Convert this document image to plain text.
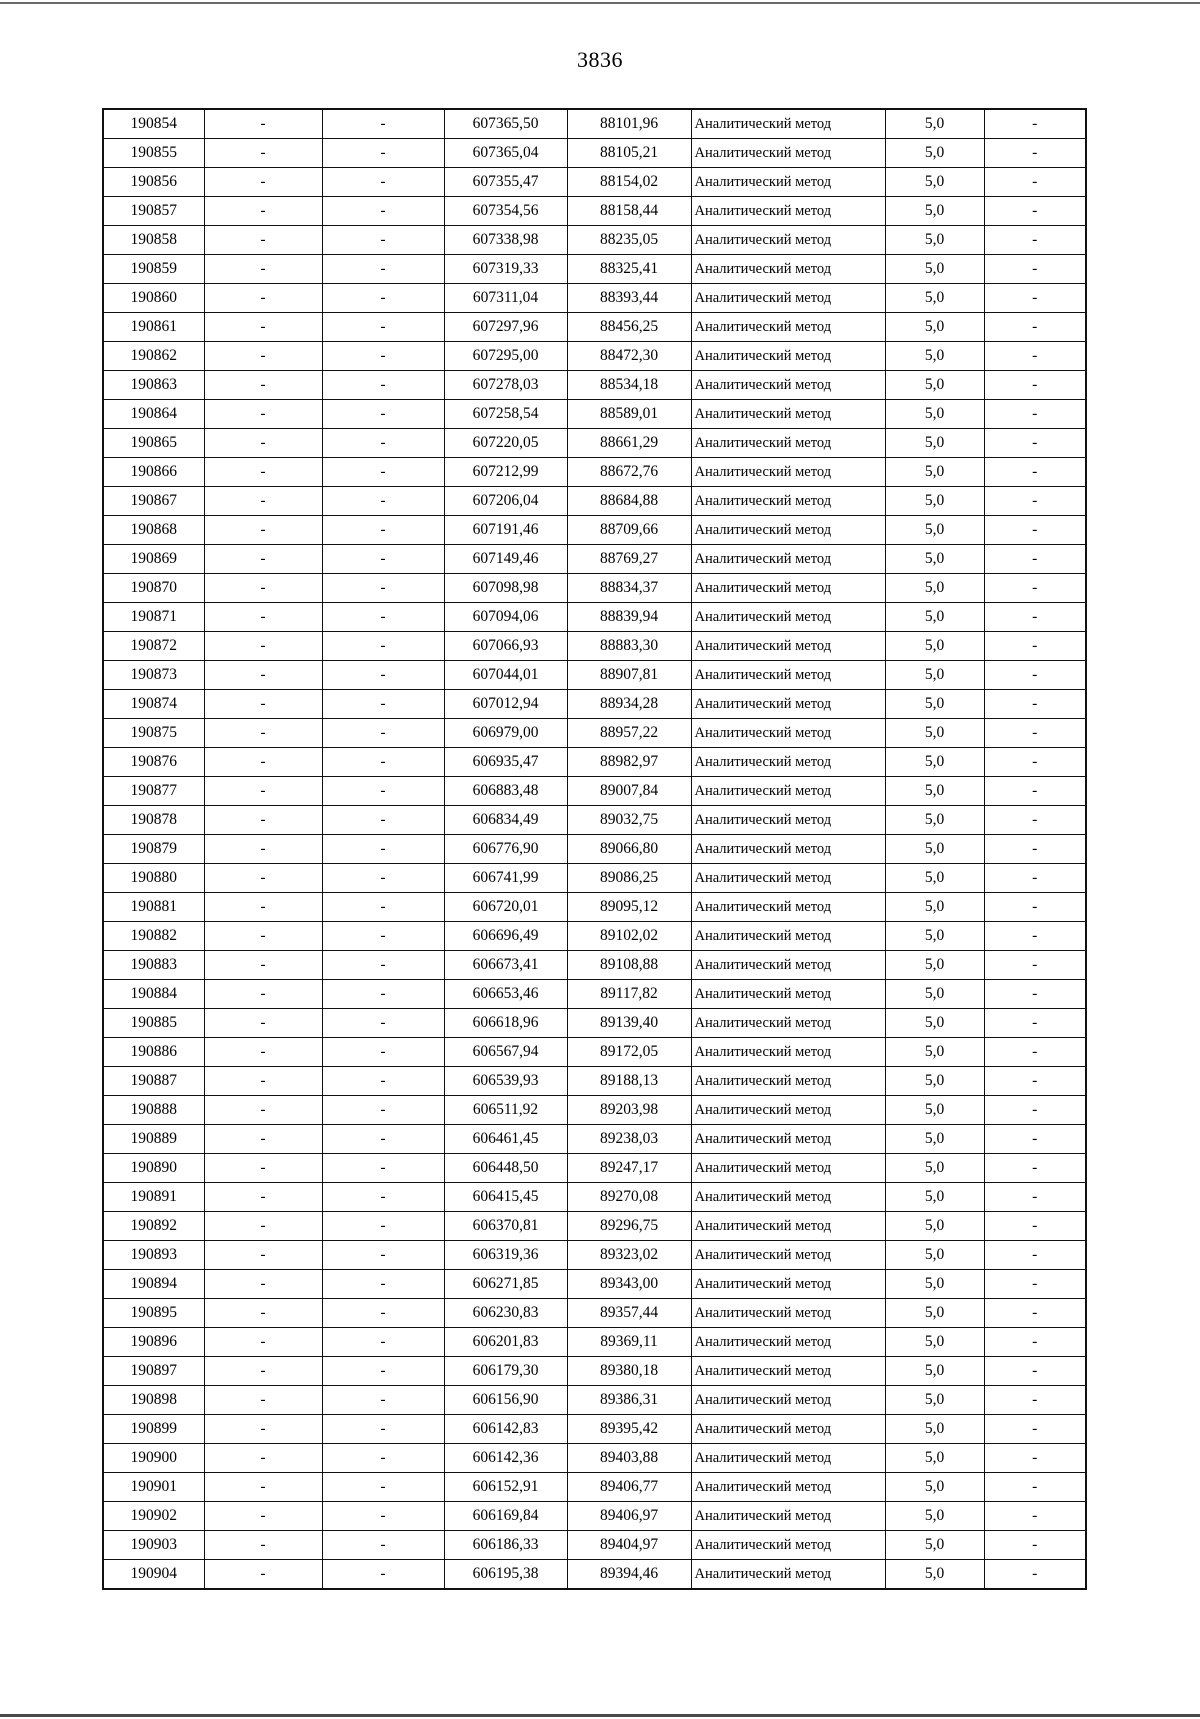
3836
190854	-	-	607365,50	88101,96	Аналитический метод	5,0	-
190855	-	-	607365,04	88105,21	Аналитический метод	5,0	-
190856	-	-	607355,47	88154,02	Аналитический метод	5,0	-
190857	-	-	607354,56	88158,44	Аналитический метод	5,0	-
190858	-	-	607338,98	88235,05	Аналитический метод	5,0	-
190859	-	-	607319,33	88325,41	Аналитический метод	5,0	-
190860	-	-	607311,04	88393,44	Аналитический метод	5,0	-
190861	-	-	607297,96	88456,25	Аналитический метод	5,0	-
190862	-	-	607295,00	88472,30	Аналитический метод	5,0	-
190863	-	-	607278,03	88534,18	Аналитический метод	5,0	-
190864	-	-	607258,54	88589,01	Аналитический метод	5,0	-
190865	-	-	607220,05	88661,29	Аналитический метод	5,0	-
190866	-	-	607212,99	88672,76	Аналитический метод	5,0	-
190867	-	-	607206,04	88684,88	Аналитический метод	5,0	-
190868	-	-	607191,46	88709,66	Аналитический метод	5,0	-
190869	-	-	607149,46	88769,27	Аналитический метод	5,0	-
190870	-	-	607098,98	88834,37	Аналитический метод	5,0	-
190871	-	-	607094,06	88839,94	Аналитический метод	5,0	-
190872	-	-	607066,93	88883,30	Аналитический метод	5,0	-
190873	-	-	607044,01	88907,81	Аналитический метод	5,0	-
190874	-	-	607012,94	88934,28	Аналитический метод	5,0	-
190875	-	-	606979,00	88957,22	Аналитический метод	5,0	-
190876	-	-	606935,47	88982,97	Аналитический метод	5,0	-
190877	-	-	606883,48	89007,84	Аналитический метод	5,0	-
190878	-	-	606834,49	89032,75	Аналитический метод	5,0	-
190879	-	-	606776,90	89066,80	Аналитический метод	5,0	-
190880	-	-	606741,99	89086,25	Аналитический метод	5,0	-
190881	-	-	606720,01	89095,12	Аналитический метод	5,0	-
190882	-	-	606696,49	89102,02	Аналитический метод	5,0	-
190883	-	-	606673,41	89108,88	Аналитический метод	5,0	-
190884	-	-	606653,46	89117,82	Аналитический метод	5,0	-
190885	-	-	606618,96	89139,40	Аналитический метод	5,0	-
190886	-	-	606567,94	89172,05	Аналитический метод	5,0	-
190887	-	-	606539,93	89188,13	Аналитический метод	5,0	-
190888	-	-	606511,92	89203,98	Аналитический метод	5,0	-
190889	-	-	606461,45	89238,03	Аналитический метод	5,0	-
190890	-	-	606448,50	89247,17	Аналитический метод	5,0	-
190891	-	-	606415,45	89270,08	Аналитический метод	5,0	-
190892	-	-	606370,81	89296,75	Аналитический метод	5,0	-
190893	-	-	606319,36	89323,02	Аналитический метод	5,0	-
190894	-	-	606271,85	89343,00	Аналитический метод	5,0	-
190895	-	-	606230,83	89357,44	Аналитический метод	5,0	-
190896	-	-	606201,83	89369,11	Аналитический метод	5,0	-
190897	-	-	606179,30	89380,18	Аналитический метод	5,0	-
190898	-	-	606156,90	89386,31	Аналитический метод	5,0	-
190899	-	-	606142,83	89395,42	Аналитический метод	5,0	-
190900	-	-	606142,36	89403,88	Аналитический метод	5,0	-
190901	-	-	606152,91	89406,77	Аналитический метод	5,0	-
190902	-	-	606169,84	89406,97	Аналитический метод	5,0	-
190903	-	-	606186,33	89404,97	Аналитический метод	5,0	-
190904	-	-	606195,38	89394,46	Аналитический метод	5,0	-
